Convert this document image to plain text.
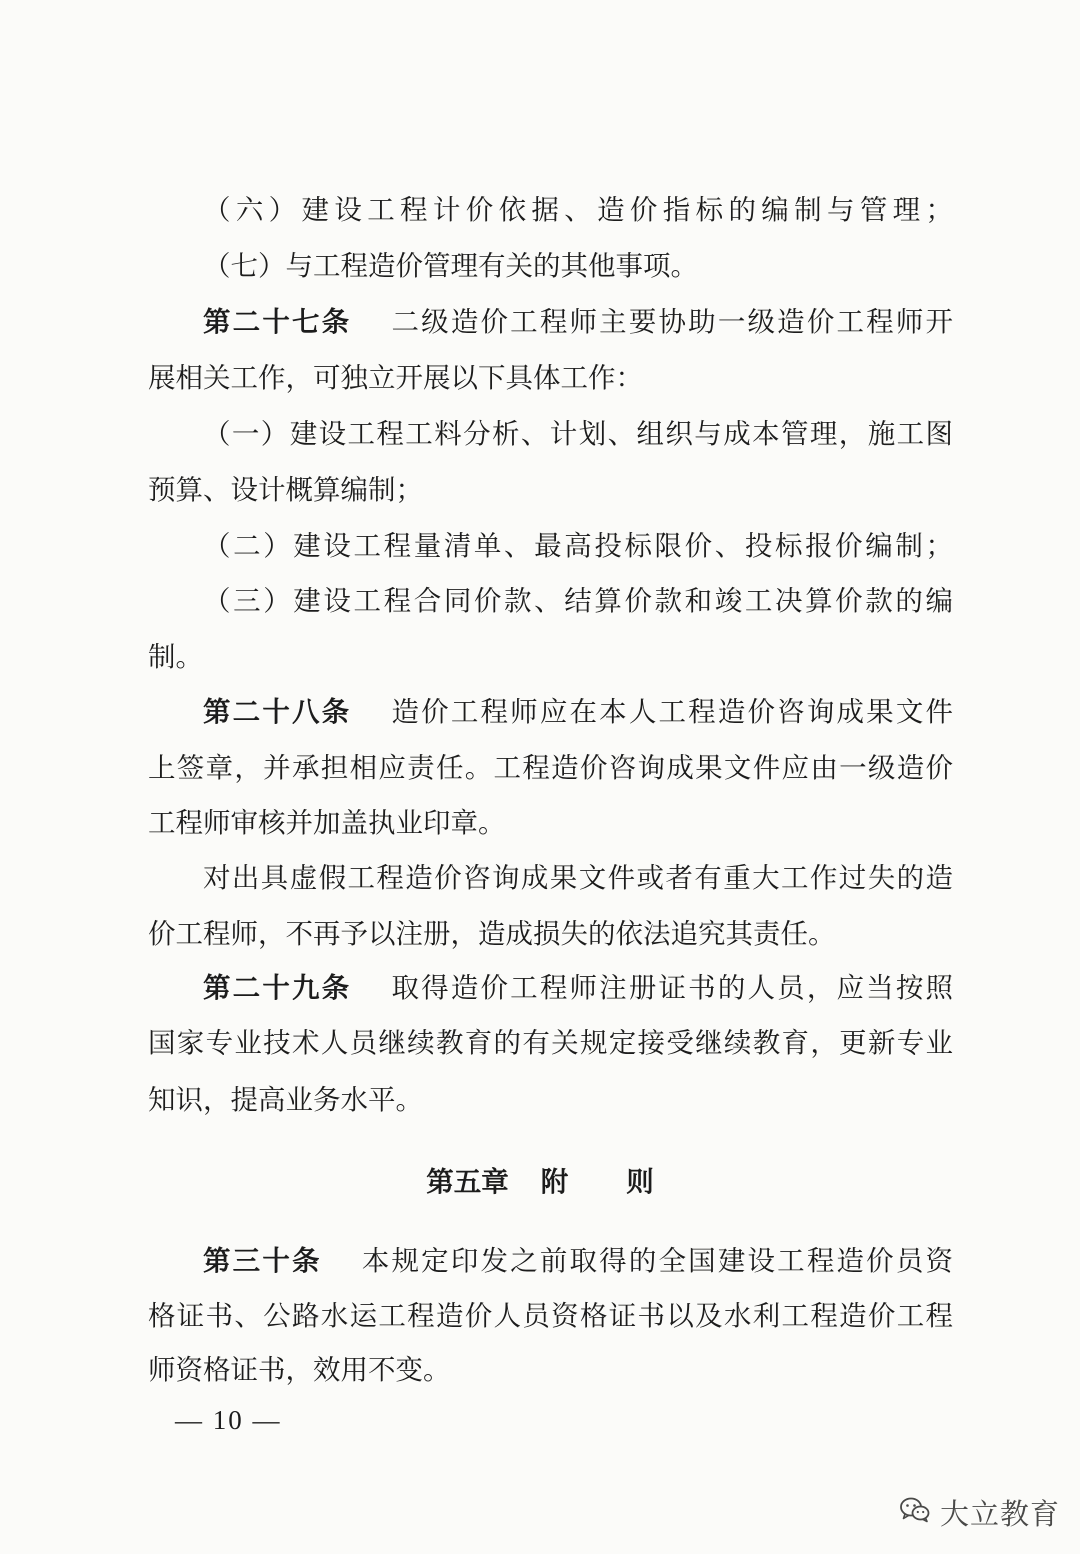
（六）建设工程计价依据、造价指标的编制与管理；
（七）与工程造价管理有关的其他事项。
第二十七条 二级造价工程师主要协助一级造价工程师开
展相关工作，可独立开展以下具体工作：
（一）建设工程工料分析、计划、组织与成本管理，施工图
预算、设计概算编制；
（二）建设工程量清单、最高投标限价、投标报价编制；
（三）建设工程合同价款、结算价款和竣工决算价款的编
制。
第二十八条 造价工程师应在本人工程造价咨询成果文件
上签章，并承担相应责任。工程造价咨询成果文件应由一级造价
工程师审核并加盖执业印章。
对出具虚假工程造价咨询成果文件或者有重大工作过失的造
价工程师，不再予以注册，造成损失的依法追究其责任。
第二十九条 取得造价工程师注册证书的人员，应当按照
国家专业技术人员继续教育的有关规定接受继续教育，更新专业
知识，提高业务水平。
第五章 附 则
第三十条 本规定印发之前取得的全国建设工程造价员资
格证书、公路水运工程造价人员资格证书以及水利工程造价工程
师资格证书，效用不变。
— 10 —
大立教育
